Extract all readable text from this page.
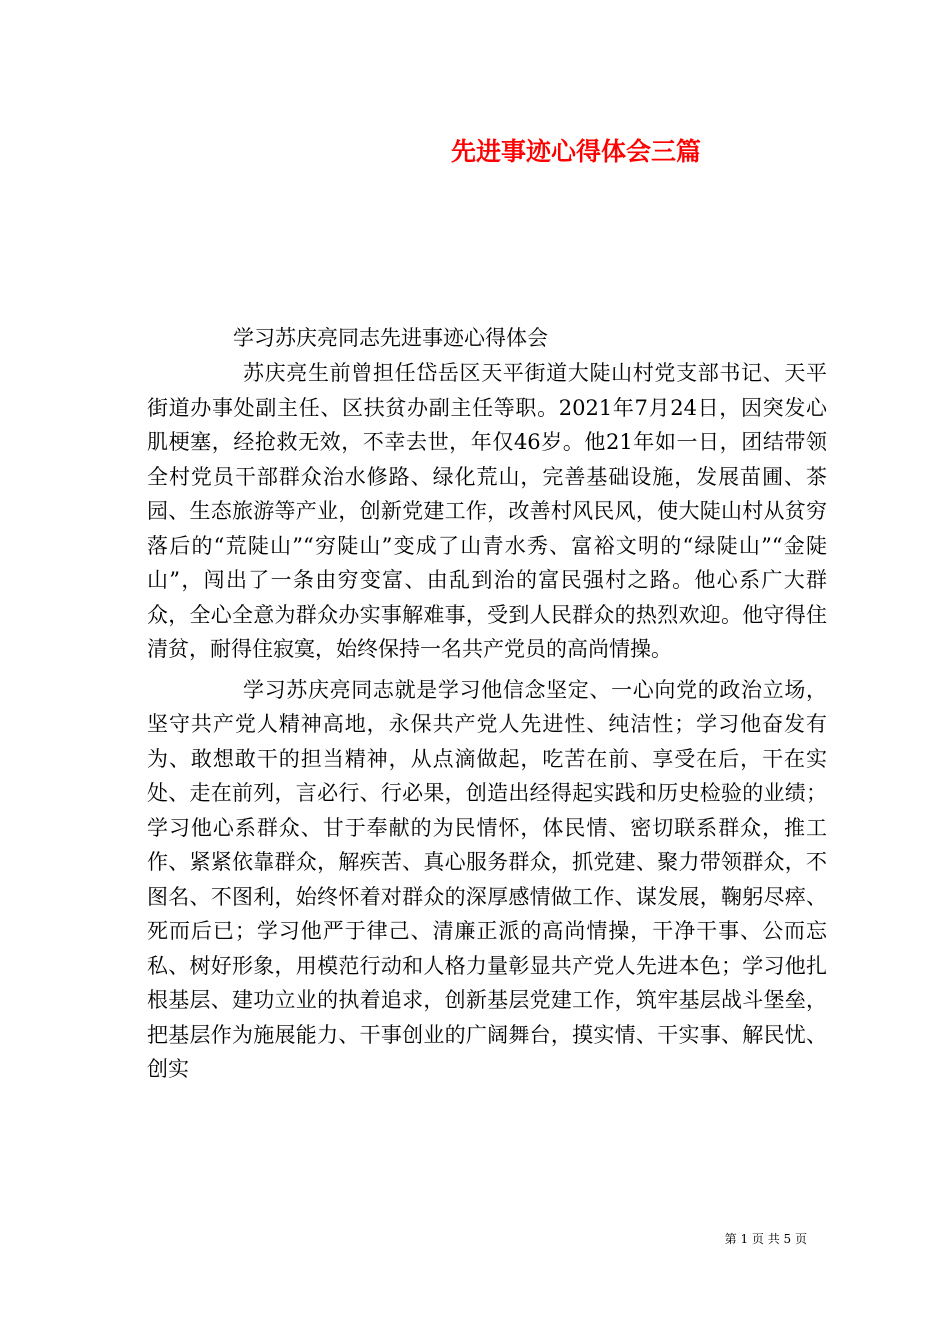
先进事迹心得体会三篇

学习苏庆亮同志先进事迹心得体会

苏庆亮生前曾担任岱岳区天平街道大陡山村党支部书记、天平街道办事处副主任、区扶贫办副主任等职。2021年7月24日，因突发心肌梗塞，经抢救无效，不幸去世，年仅46岁。他21年如一日，团结带领全村党员干部群众治水修路、绿化荒山，完善基础设施，发展苗圃、茶园、生态旅游等产业，创新党建工作，改善村风民风，使大陡山村从贫穷落后的“荒陡山”“穷陡山”变成了山青水秀、富裕文明的“绿陡山”“金陡山”，闯出了一条由穷变富、由乱到治的富民强村之路。他心系广大群众，全心全意为群众办实事解难事，受到人民群众的热烈欢迎。他守得住清贫，耐得住寂寞，始终保持一名共产党员的高尚情操。

学习苏庆亮同志就是学习他信念坚定、一心向党的政治立场，坚守共产党人精神高地，永保共产党人先进性、纯洁性；学习他奋发有为、敢想敢干的担当精神，从点滴做起，吃苦在前、享受在后，干在实处、走在前列，言必行、行必果，创造出经得起实践和历史检验的业绩；学习他心系群众、甘于奉献的为民情怀，体民情、密切联系群众，推工作、紧紧依靠群众，解疾苦、真心服务群众，抓党建、聚力带领群众，不图名、不图利，始终怀着对群众的深厚感情做工作、谋发展，鞠躬尽瘁、死而后已；学习他严于律己、清廉正派的高尚情操，干净干事、公而忘私、树好形象，用模范行动和人格力量彰显共产党人先进本色；学习他扎根基层、建功立业的执着追求，创新基层党建工作，筑牢基层战斗堡垒，把基层作为施展能力、干事创业的广阔舞台，摸实情、干实事、解民忧、创实

第 1 页 共 5 页
